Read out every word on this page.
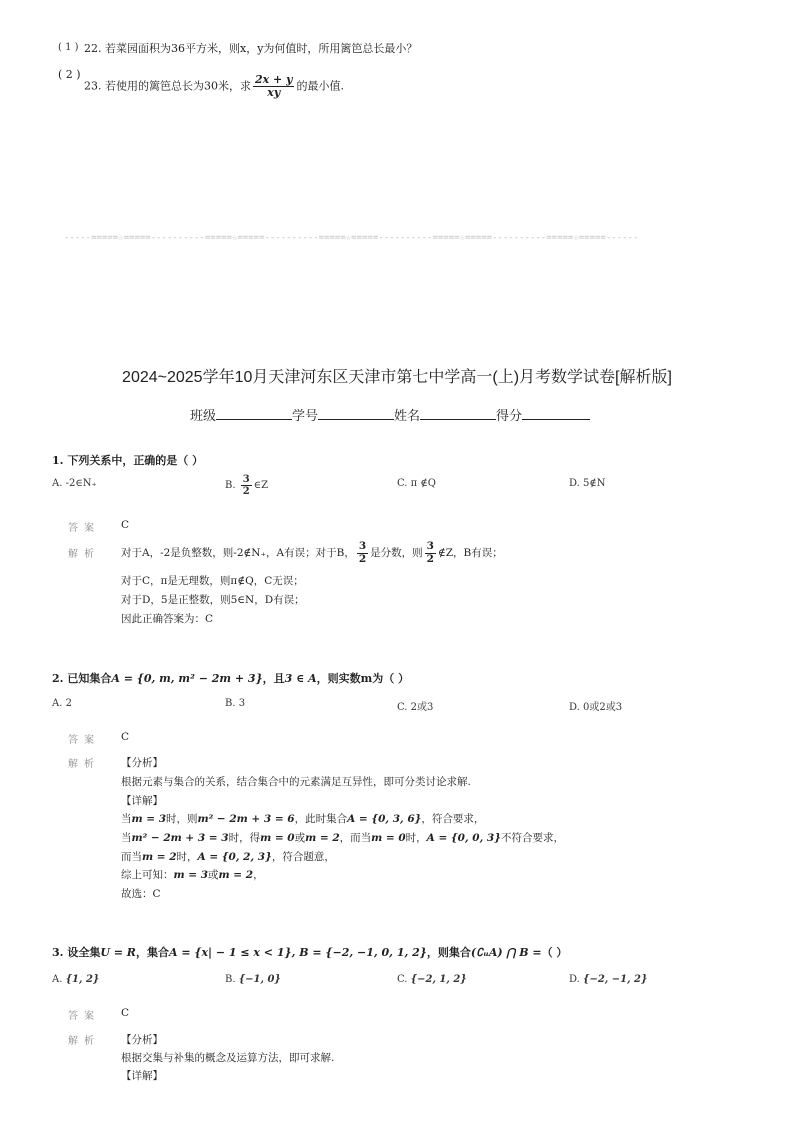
( 1 ) 22. 若菜园面积为36平方米，则x，y为何值时，所用篱笆总长最小？
( 2 )
23. 若使用的篱笆总长为30米，求 $\frac{2x + y}{xy}$ 的最小值.
-----=====☆=====----------=====☆=====----------=====☆=====----------=====☆=====----------=====☆=====------
2024~2025学年10月天津河东区天津市第七中学高一(上)月考数学试卷[解析版]
班级	学号	姓名	得分
1. 下列关系中，正确的是（ ）
A. -2∈N₊	B. $\frac{3}{2}$ ∈Z	C. π ∉Q	D. 5∉N
答案 C
解析 对于A，-2是负整数，则-2∉N₊，A有误；对于B， $\frac{3}{2}$ 是分数，则 $\frac{3}{2}$ ∉Z，B有误；
对于C，π是无理数，则π∉Q，C无误；
对于D，5是正整数，则5∈N，D有误；
因此正确答案为：C
2. 已知集合A = {0, m, m² − 2m + 3}，且3 ∈ A，则实数m为（ ）
A. 2	B. 3	C. 2或3	D. 0或2或3
答案 C
解析 【分析】
根据元素与集合的关系，结合集合中的元素满足互异性，即可分类讨论求解.
【详解】
当m = 3时，则m² − 2m + 3 = 6，此时集合A = {0, 3, 6}，符合要求，
当m² − 2m + 3 = 3时，得m = 0或m = 2，而当m = 0时，A = {0, 0, 3}不符合要求，
而当m = 2时，A = {0, 2, 3}，符合题意，
综上可知：m = 3或m = 2，
故选：C
3. 设全集U = R，集合A = {x| − 1 ≤ x < 1}, B = {−2, −1, 0, 1, 2}，则集合(∁ᵤA) ⋂ B =（ ）
A. {1, 2}	B. {−1, 0}	C. {−2, 1, 2}	D. {−2, −1, 2}
答案 C
解析 【分析】
根据交集与补集的概念及运算方法，即可求解.
【详解】
